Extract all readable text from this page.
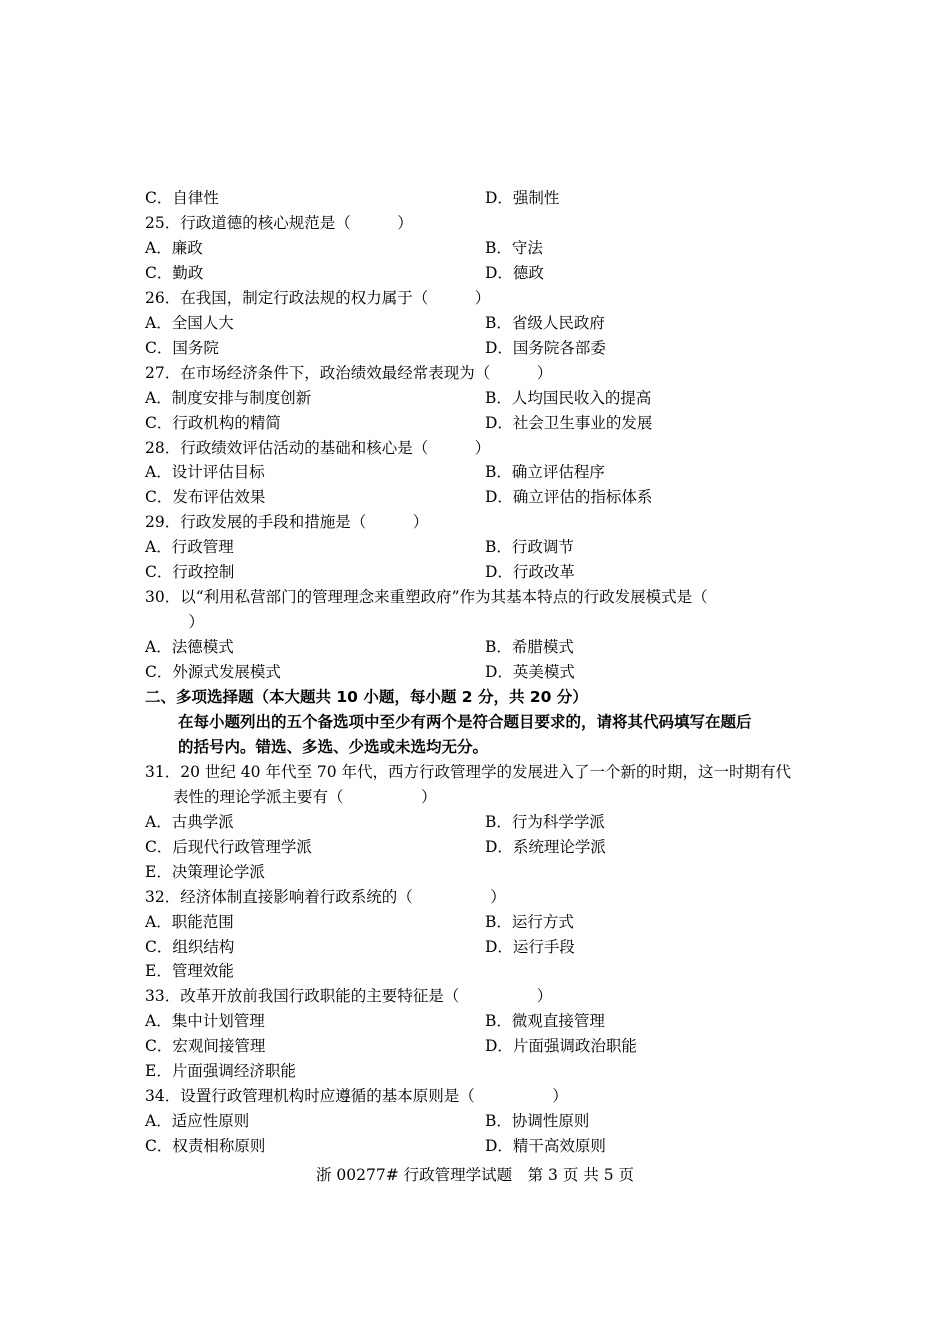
C．自律性	D．强制性
25．行政道德的核心规范是（　　　）
A．廉政	B．守法
C．勤政	D．德政
26．在我国，制定行政法规的权力属于（　　　）
A．全国人大	B．省级人民政府
C．国务院	D．国务院各部委
27．在市场经济条件下，政治绩效最经常表现为（　　　）
A．制度安排与制度创新	B．人均国民收入的提高
C．行政机构的精简	D．社会卫生事业的发展
28．行政绩效评估活动的基础和核心是（　　　）
A．设计评估目标	B．确立评估程序
C．发布评估效果	D．确立评估的指标体系
29．行政发展的手段和措施是（　　　）
A．行政管理	B．行政调节
C．行政控制	D．行政改革
30．以“利用私营部门的管理理念来重塑政府”作为其基本特点的行政发展模式是（
　）
A．法德模式	B．希腊模式
C．外源式发展模式	D．英美模式
二、多项选择题（本大题共 10 小题，每小题 2 分，共 20 分）
在每小题列出的五个备选项中至少有两个是符合题目要求的，请将其代码填写在题后
的括号内。错选、多选、少选或未选均无分。
31．20 世纪 40 年代至 70 年代，西方行政管理学的发展进入了一个新的时期，这一时期有代
表性的理论学派主要有（　　　　　）
A．古典学派	B．行为科学学派
C．后现代行政管理学派	D．系统理论学派
E．决策理论学派
32．经济体制直接影响着行政系统的（　　　　　）
A．职能范围	B．运行方式
C．组织结构	D．运行手段
E．管理效能
33．改革开放前我国行政职能的主要特征是（　　　　　）
A．集中计划管理	B．微观直接管理
C．宏观间接管理	D．片面强调政治职能
E．片面强调经济职能
34．设置行政管理机构时应遵循的基本原则是（　　　　　）
A．适应性原则	B．协调性原则
C．权责相称原则	D．精干高效原则
浙 00277# 行政管理学试题　第 3 页 共 5 页
